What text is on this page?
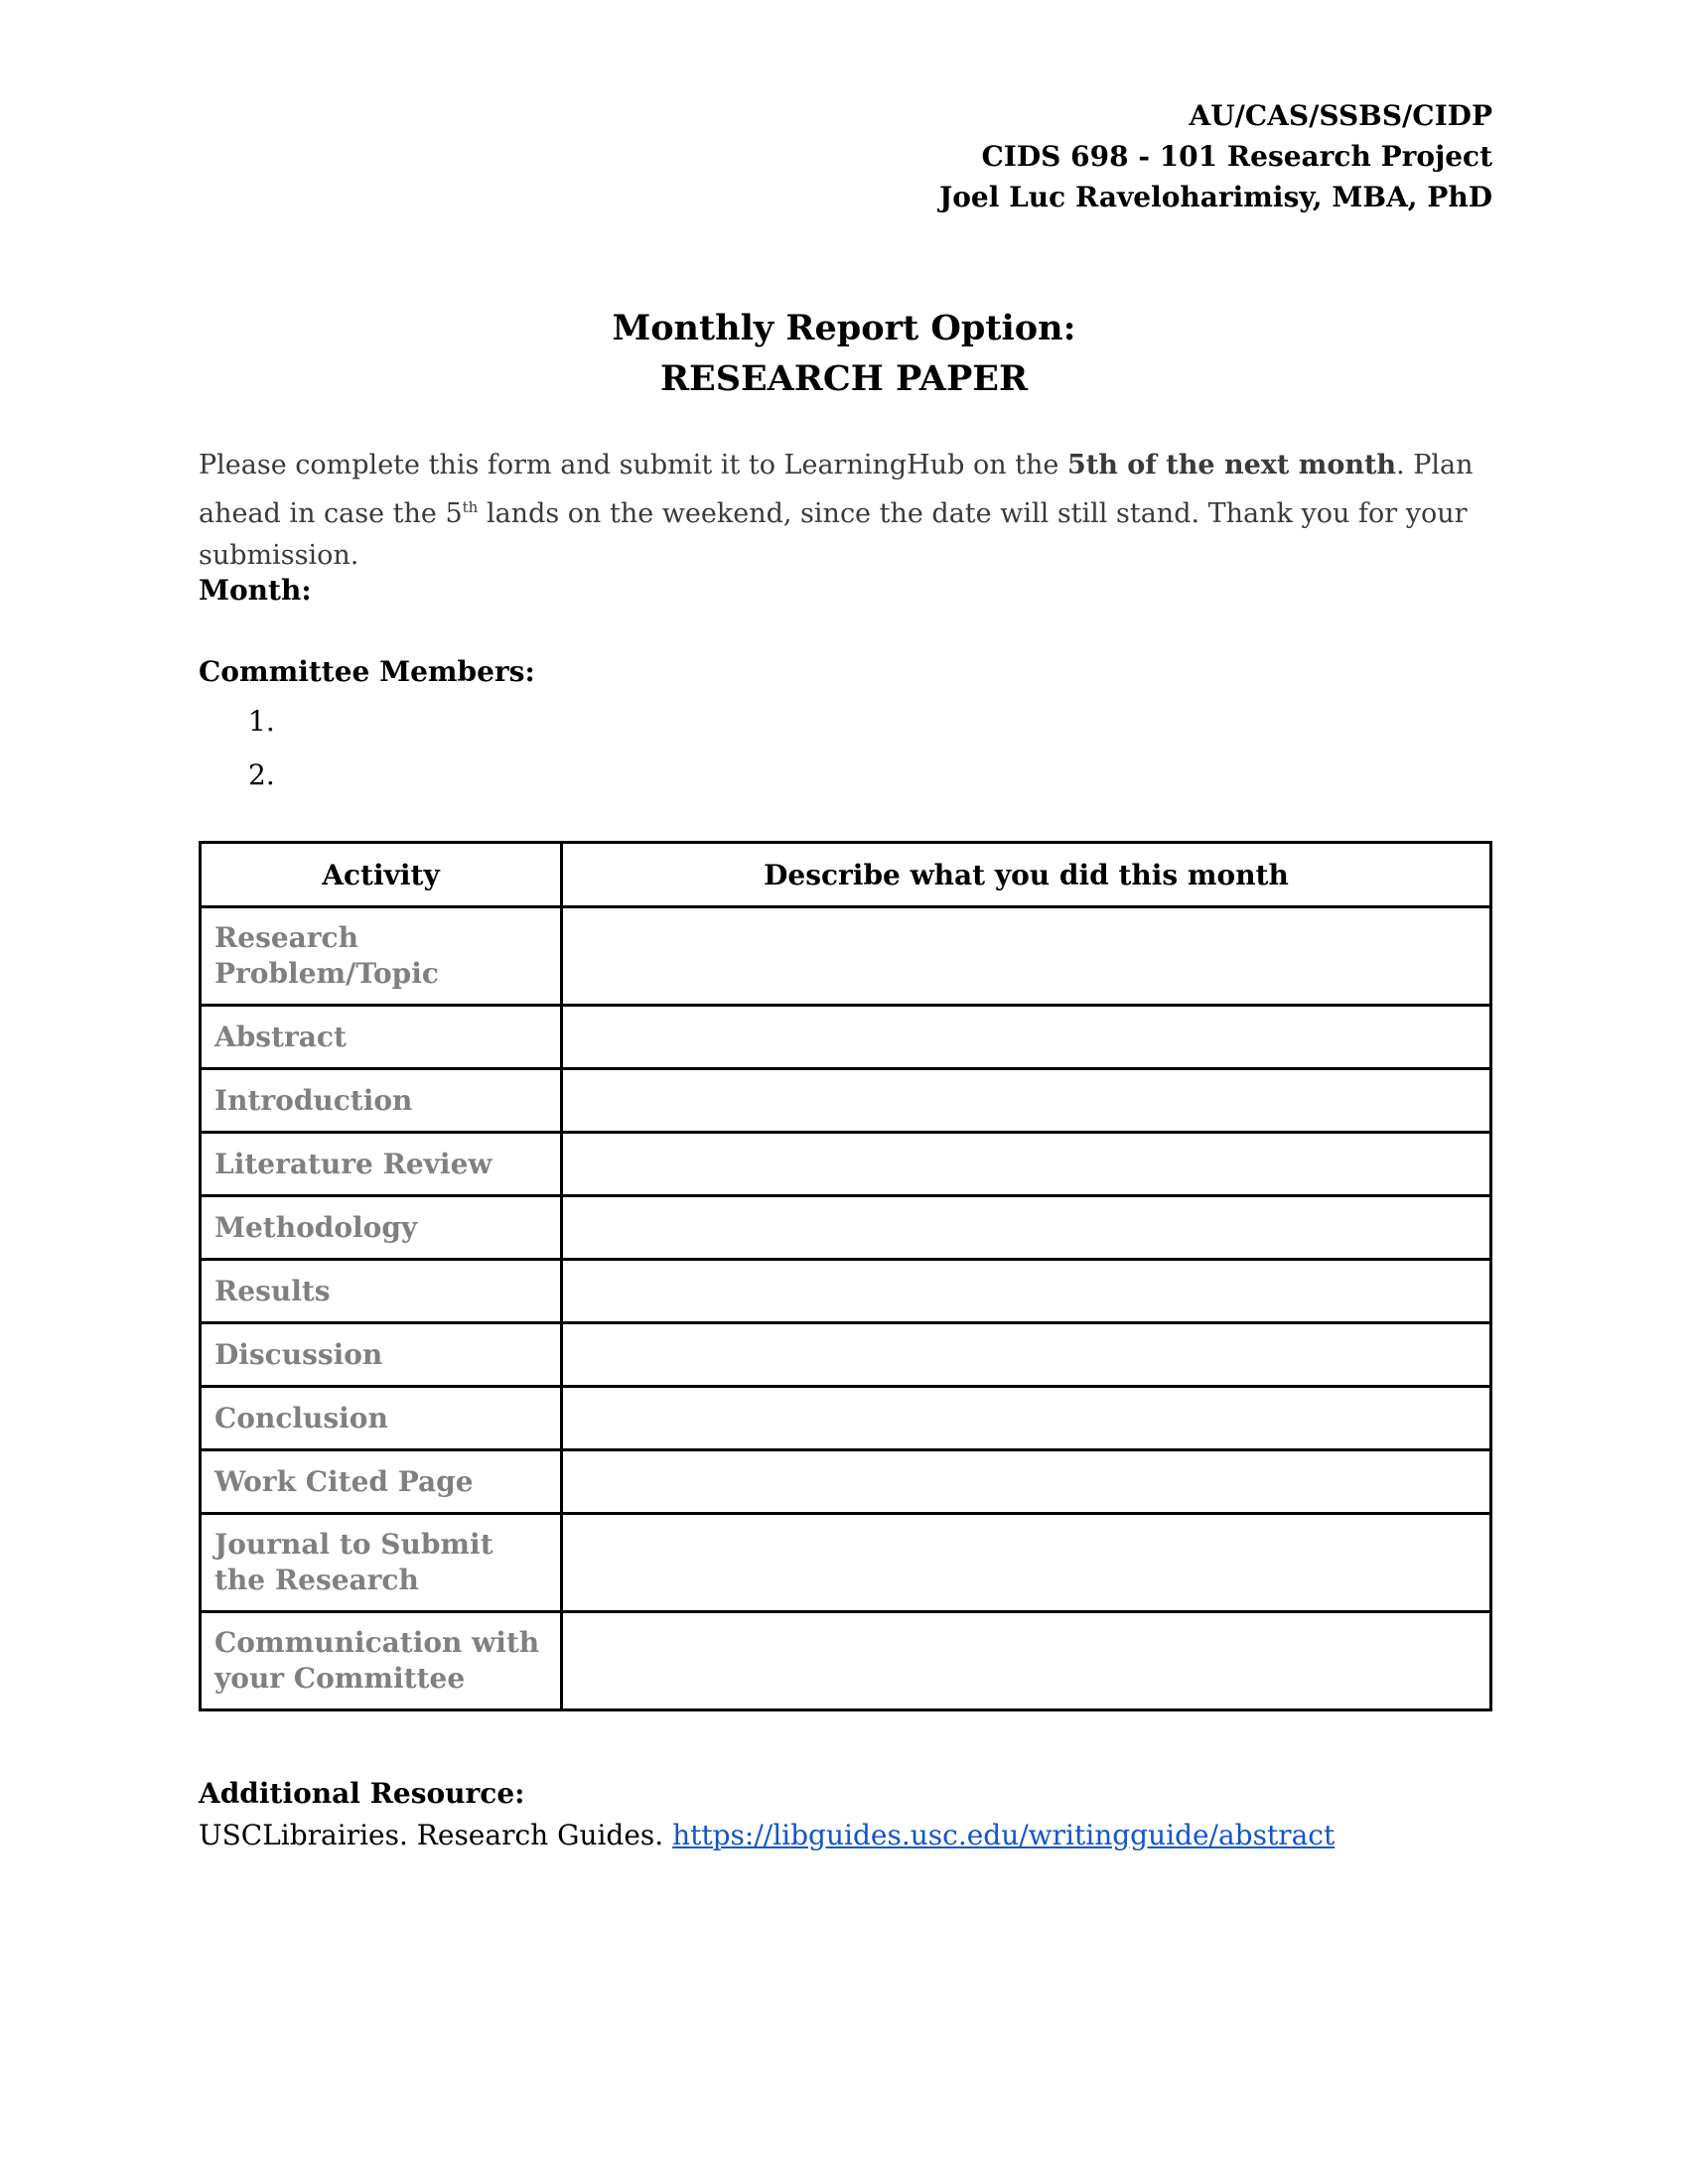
AU/CAS/SSBS/CIDP
CIDS 698 - 101 Research Project
Joel Luc Raveloharimisy, MBA, PhD
Monthly Report Option:
RESEARCH PAPER
Please complete this form and submit it to LearningHub on the 5th of the next month. Plan ahead in case the 5th lands on the weekend, since the date will still stand. Thank you for your submission.
Month:
Committee Members:
1.
2.
Activity	Describe what you did this month
Research Problem/Topic	
Abstract	
Introduction	
Literature Review	
Methodology	
Results	
Discussion	
Conclusion	
Work Cited Page	
Journal to Submit the Research	
Communication with your Committee	
Additional Resource:
USCLibrairies. Research Guides. https://libguides.usc.edu/writingguide/abstract
